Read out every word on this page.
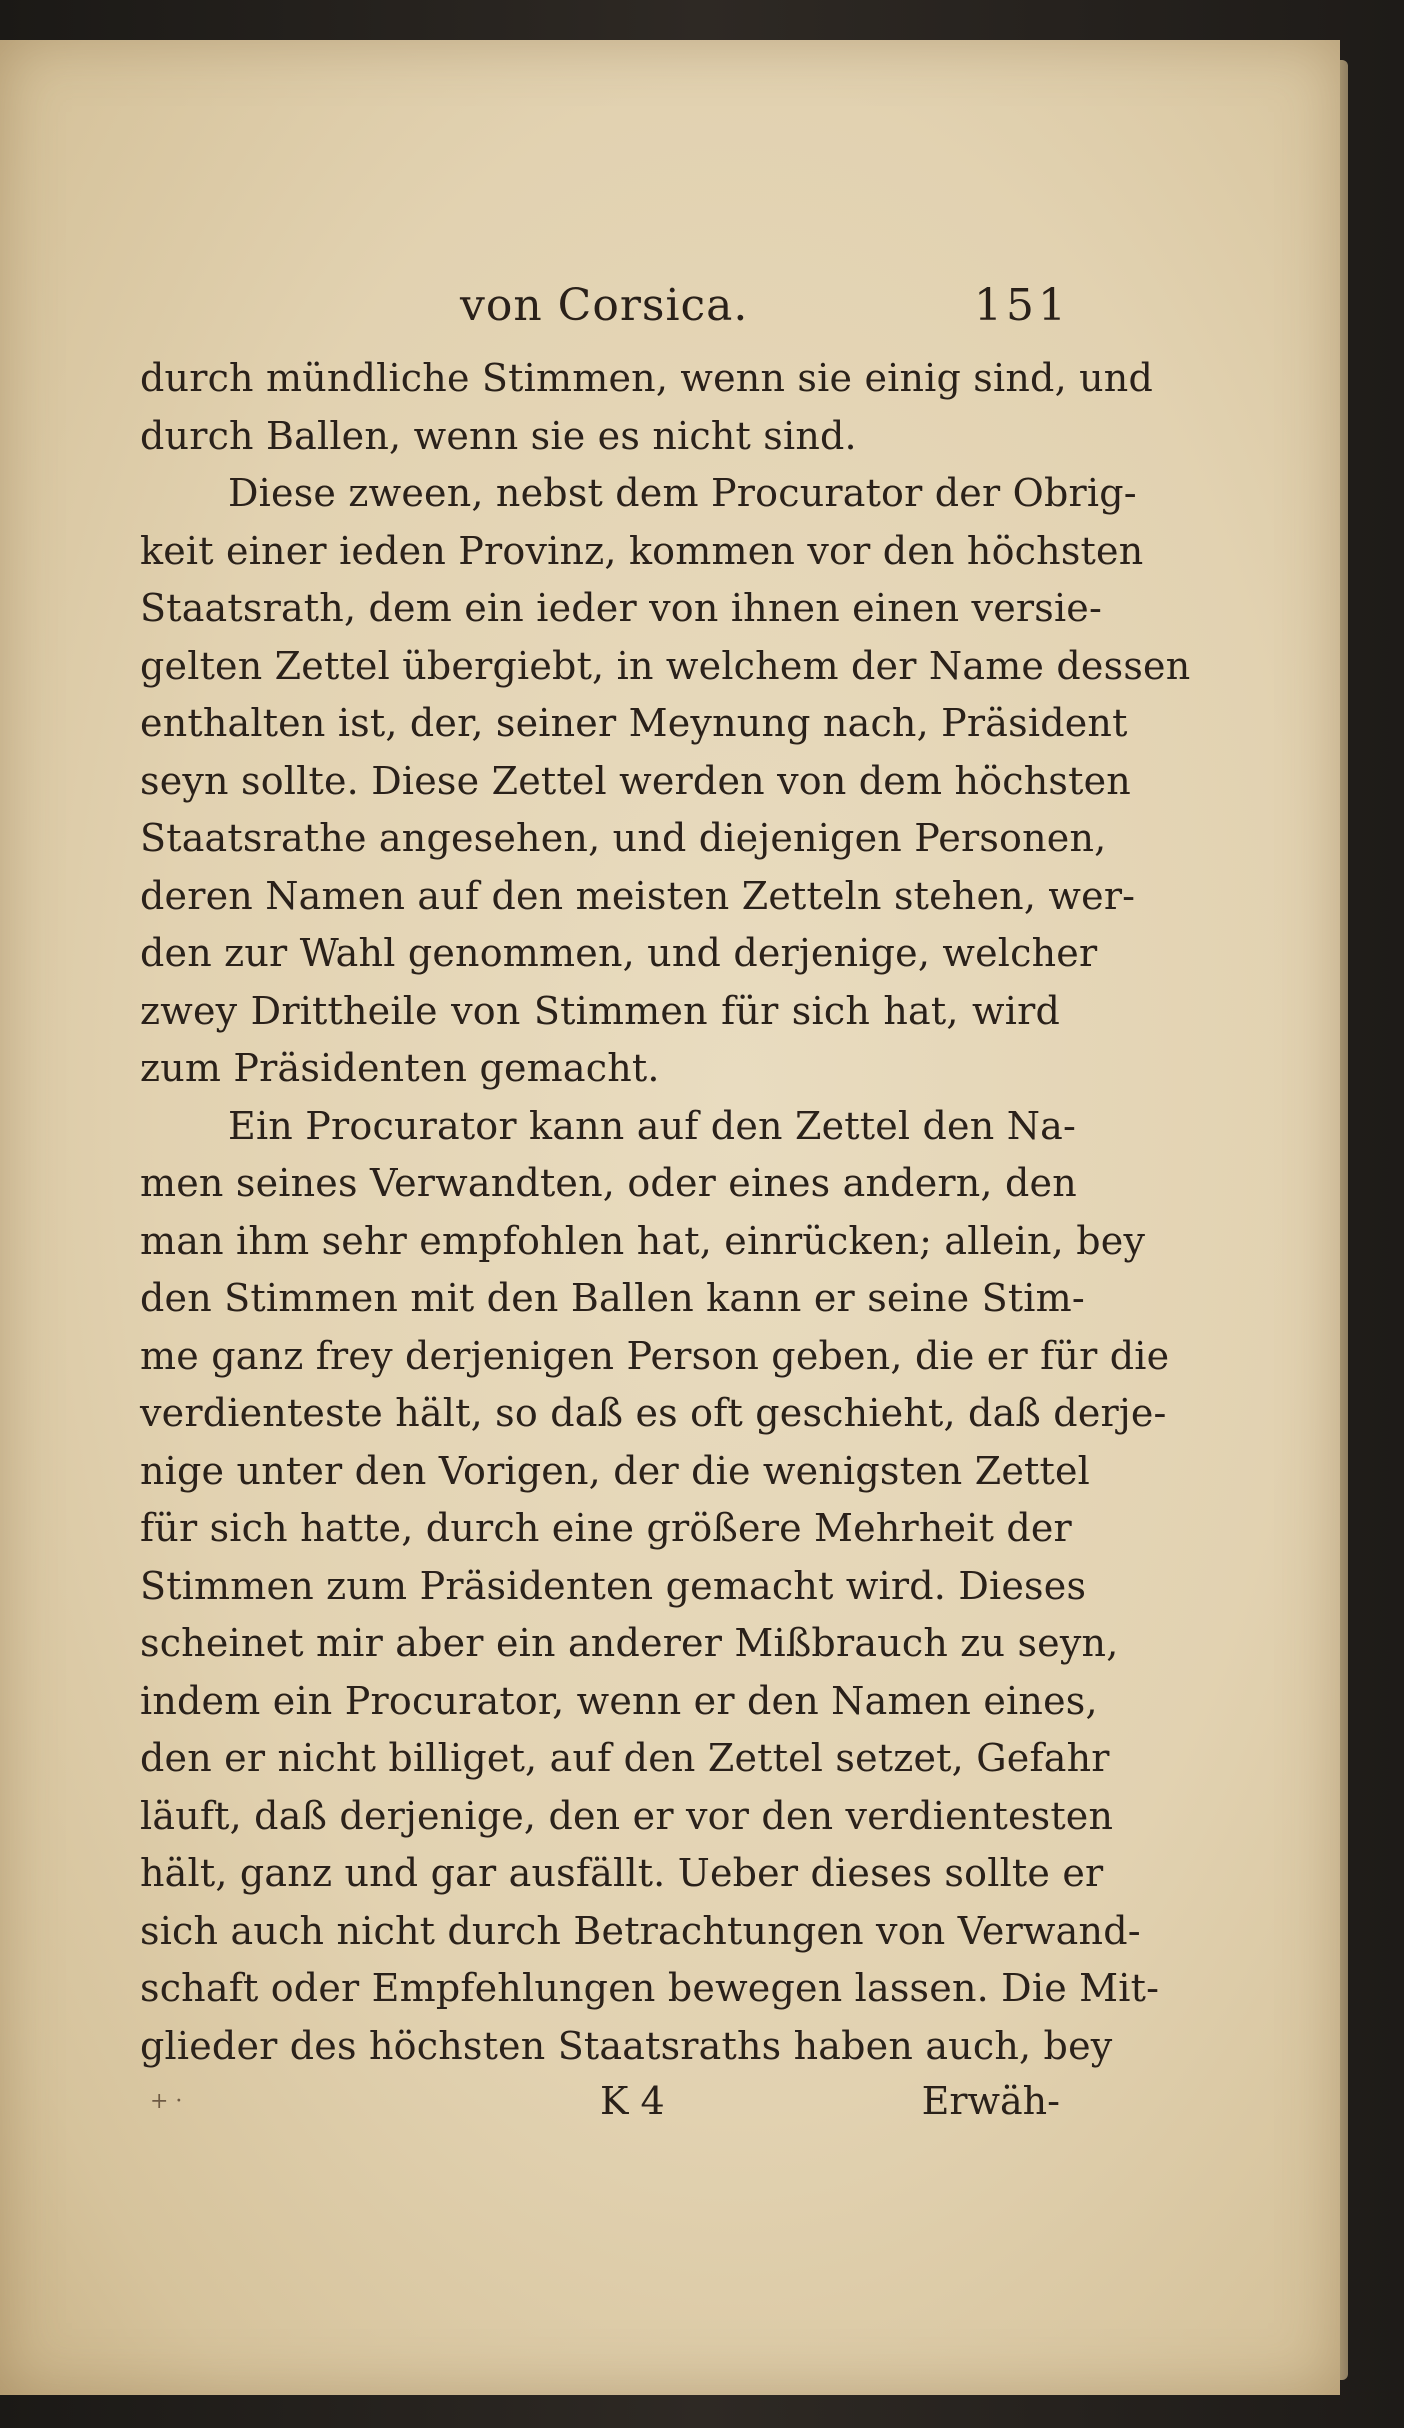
von Corsica.	151
durch mündliche Stimmen, wenn sie einig sind, und
durch Ballen, wenn sie es nicht sind.
Diese zween, nebst dem Procurator der Obrig-
keit einer ieden Provinz, kommen vor den höchsten
Staatsrath, dem ein ieder von ihnen einen versie-
gelten Zettel übergiebt, in welchem der Name dessen
enthalten ist, der, seiner Meynung nach, Präsident
seyn sollte. Diese Zettel werden von dem höchsten
Staatsrathe angesehen, und diejenigen Personen,
deren Namen auf den meisten Zetteln stehen, wer-
den zur Wahl genommen, und derjenige, welcher
zwey Drittheile von Stimmen für sich hat, wird
zum Präsidenten gemacht.
Ein Procurator kann auf den Zettel den Na-
men seines Verwandten, oder eines andern, den
man ihm sehr empfohlen hat, einrücken; allein, bey
den Stimmen mit den Ballen kann er seine Stim-
me ganz frey derjenigen Person geben, die er für die
verdienteste hält, so daß es oft geschieht, daß derje-
nige unter den Vorigen, der die wenigsten Zettel
für sich hatte, durch eine größere Mehrheit der
Stimmen zum Präsidenten gemacht wird. Dieses
scheinet mir aber ein anderer Mißbrauch zu seyn,
indem ein Procurator, wenn er den Namen eines,
den er nicht billiget, auf den Zettel setzet, Gefahr
läuft, daß derjenige, den er vor den verdientesten
hält, ganz und gar ausfällt. Ueber dieses sollte er
sich auch nicht durch Betrachtungen von Verwand-
schaft oder Empfehlungen bewegen lassen. Die Mit-
glieder des höchsten Staatsraths haben auch, bey
+ ·	K 4	Erwäh-
